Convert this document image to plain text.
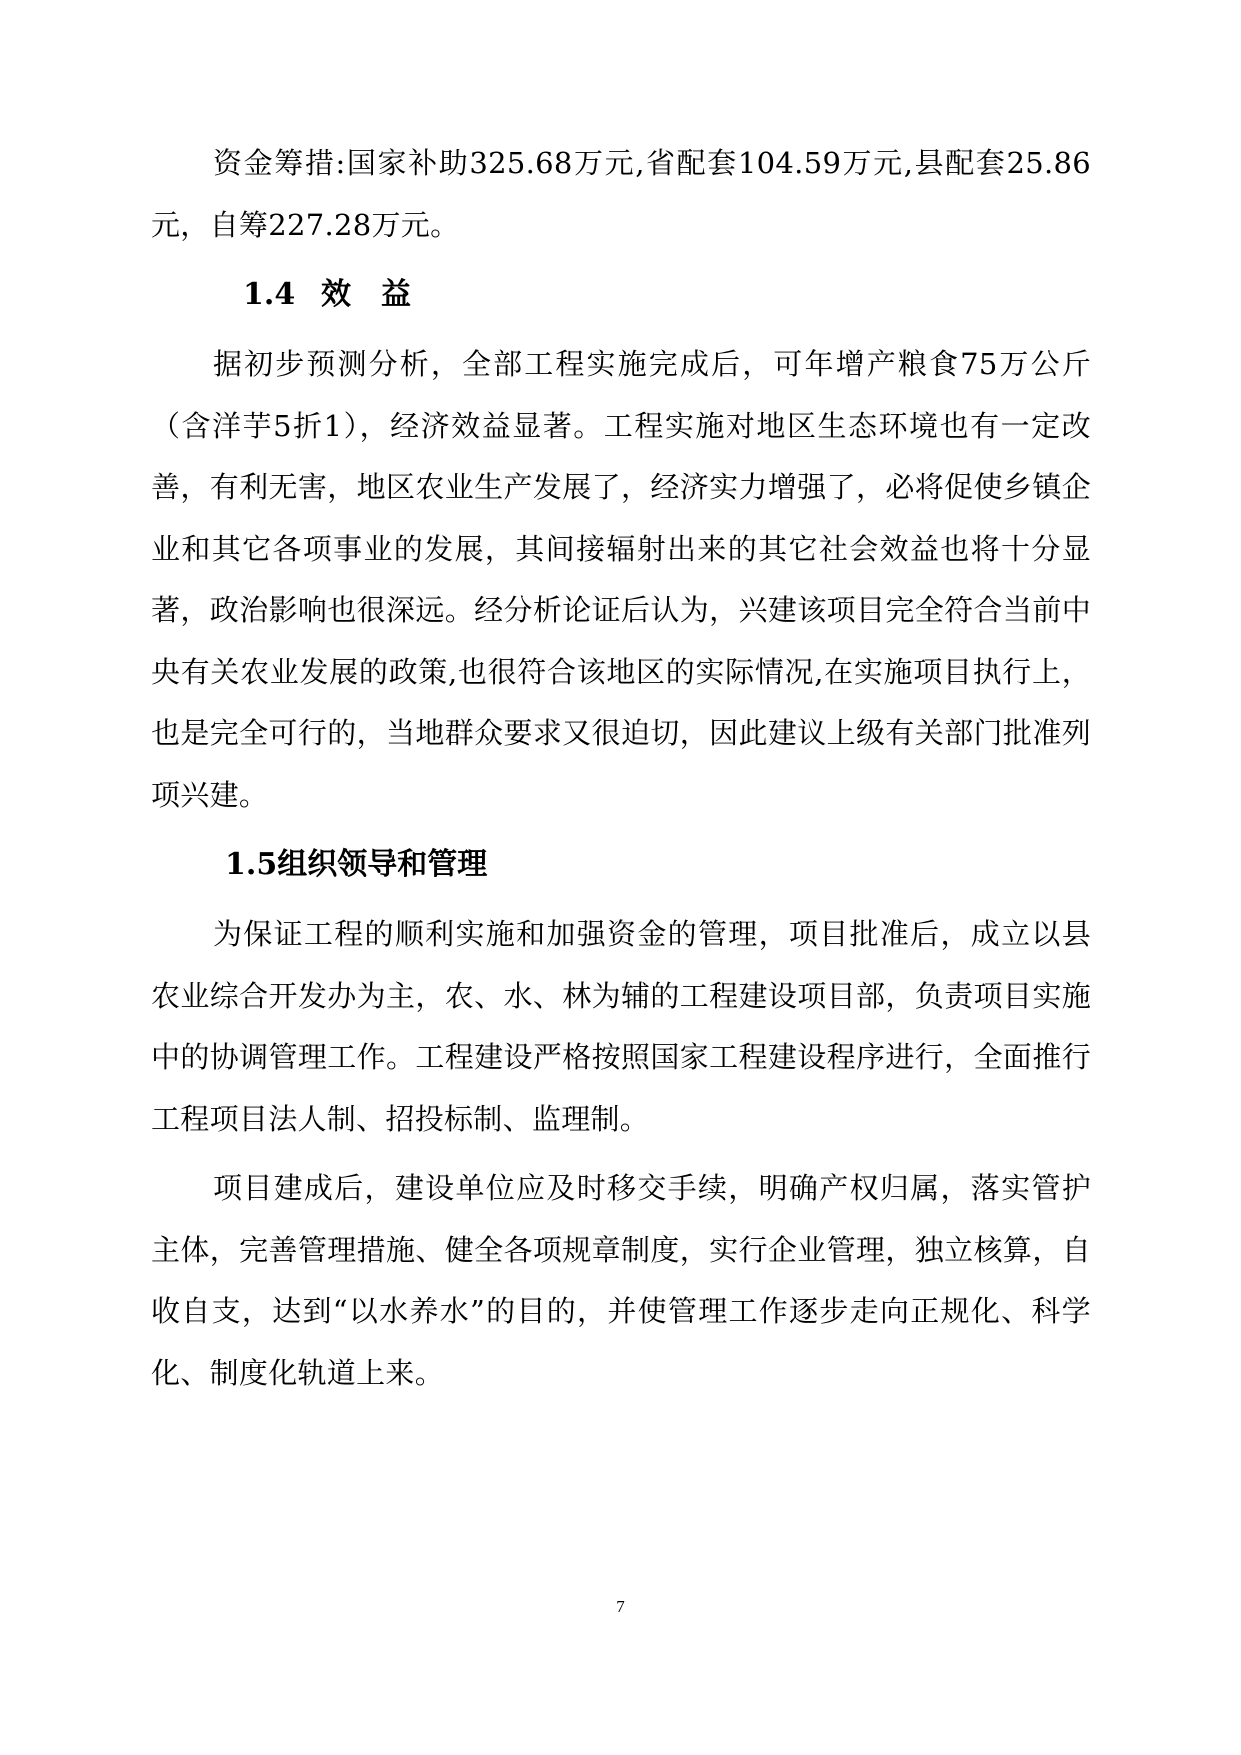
资金筹措:国家补助325.68万元,省配套104.59万元,县配套25.86元，自筹227.28万元。

1.4 效 益

据初步预测分析，全部工程实施完成后，可年增产粮食75万公斤（含洋芋5折1），经济效益显著。工程实施对地区生态环境也有一定改善，有利无害，地区农业生产发展了，经济实力增强了，必将促使乡镇企业和其它各项事业的发展，其间接辐射出来的其它社会效益也将十分显著，政治影响也很深远。经分析论证后认为，兴建该项目完全符合当前中央有关农业发展的政策,也很符合该地区的实际情况,在实施项目执行上，也是完全可行的，当地群众要求又很迫切，因此建议上级有关部门批准列项兴建。

1.5组织领导和管理

为保证工程的顺利实施和加强资金的管理，项目批准后，成立以县农业综合开发办为主，农、水、林为辅的工程建设项目部，负责项目实施中的协调管理工作。工程建设严格按照国家工程建设程序进行，全面推行工程项目法人制、招投标制、监理制。

项目建成后，建设单位应及时移交手续，明确产权归属，落实管护主体，完善管理措施、健全各项规章制度，实行企业管理，独立核算，自收自支，达到“以水养水”的目的，并使管理工作逐步走向正规化、科学化、制度化轨道上来。

7
